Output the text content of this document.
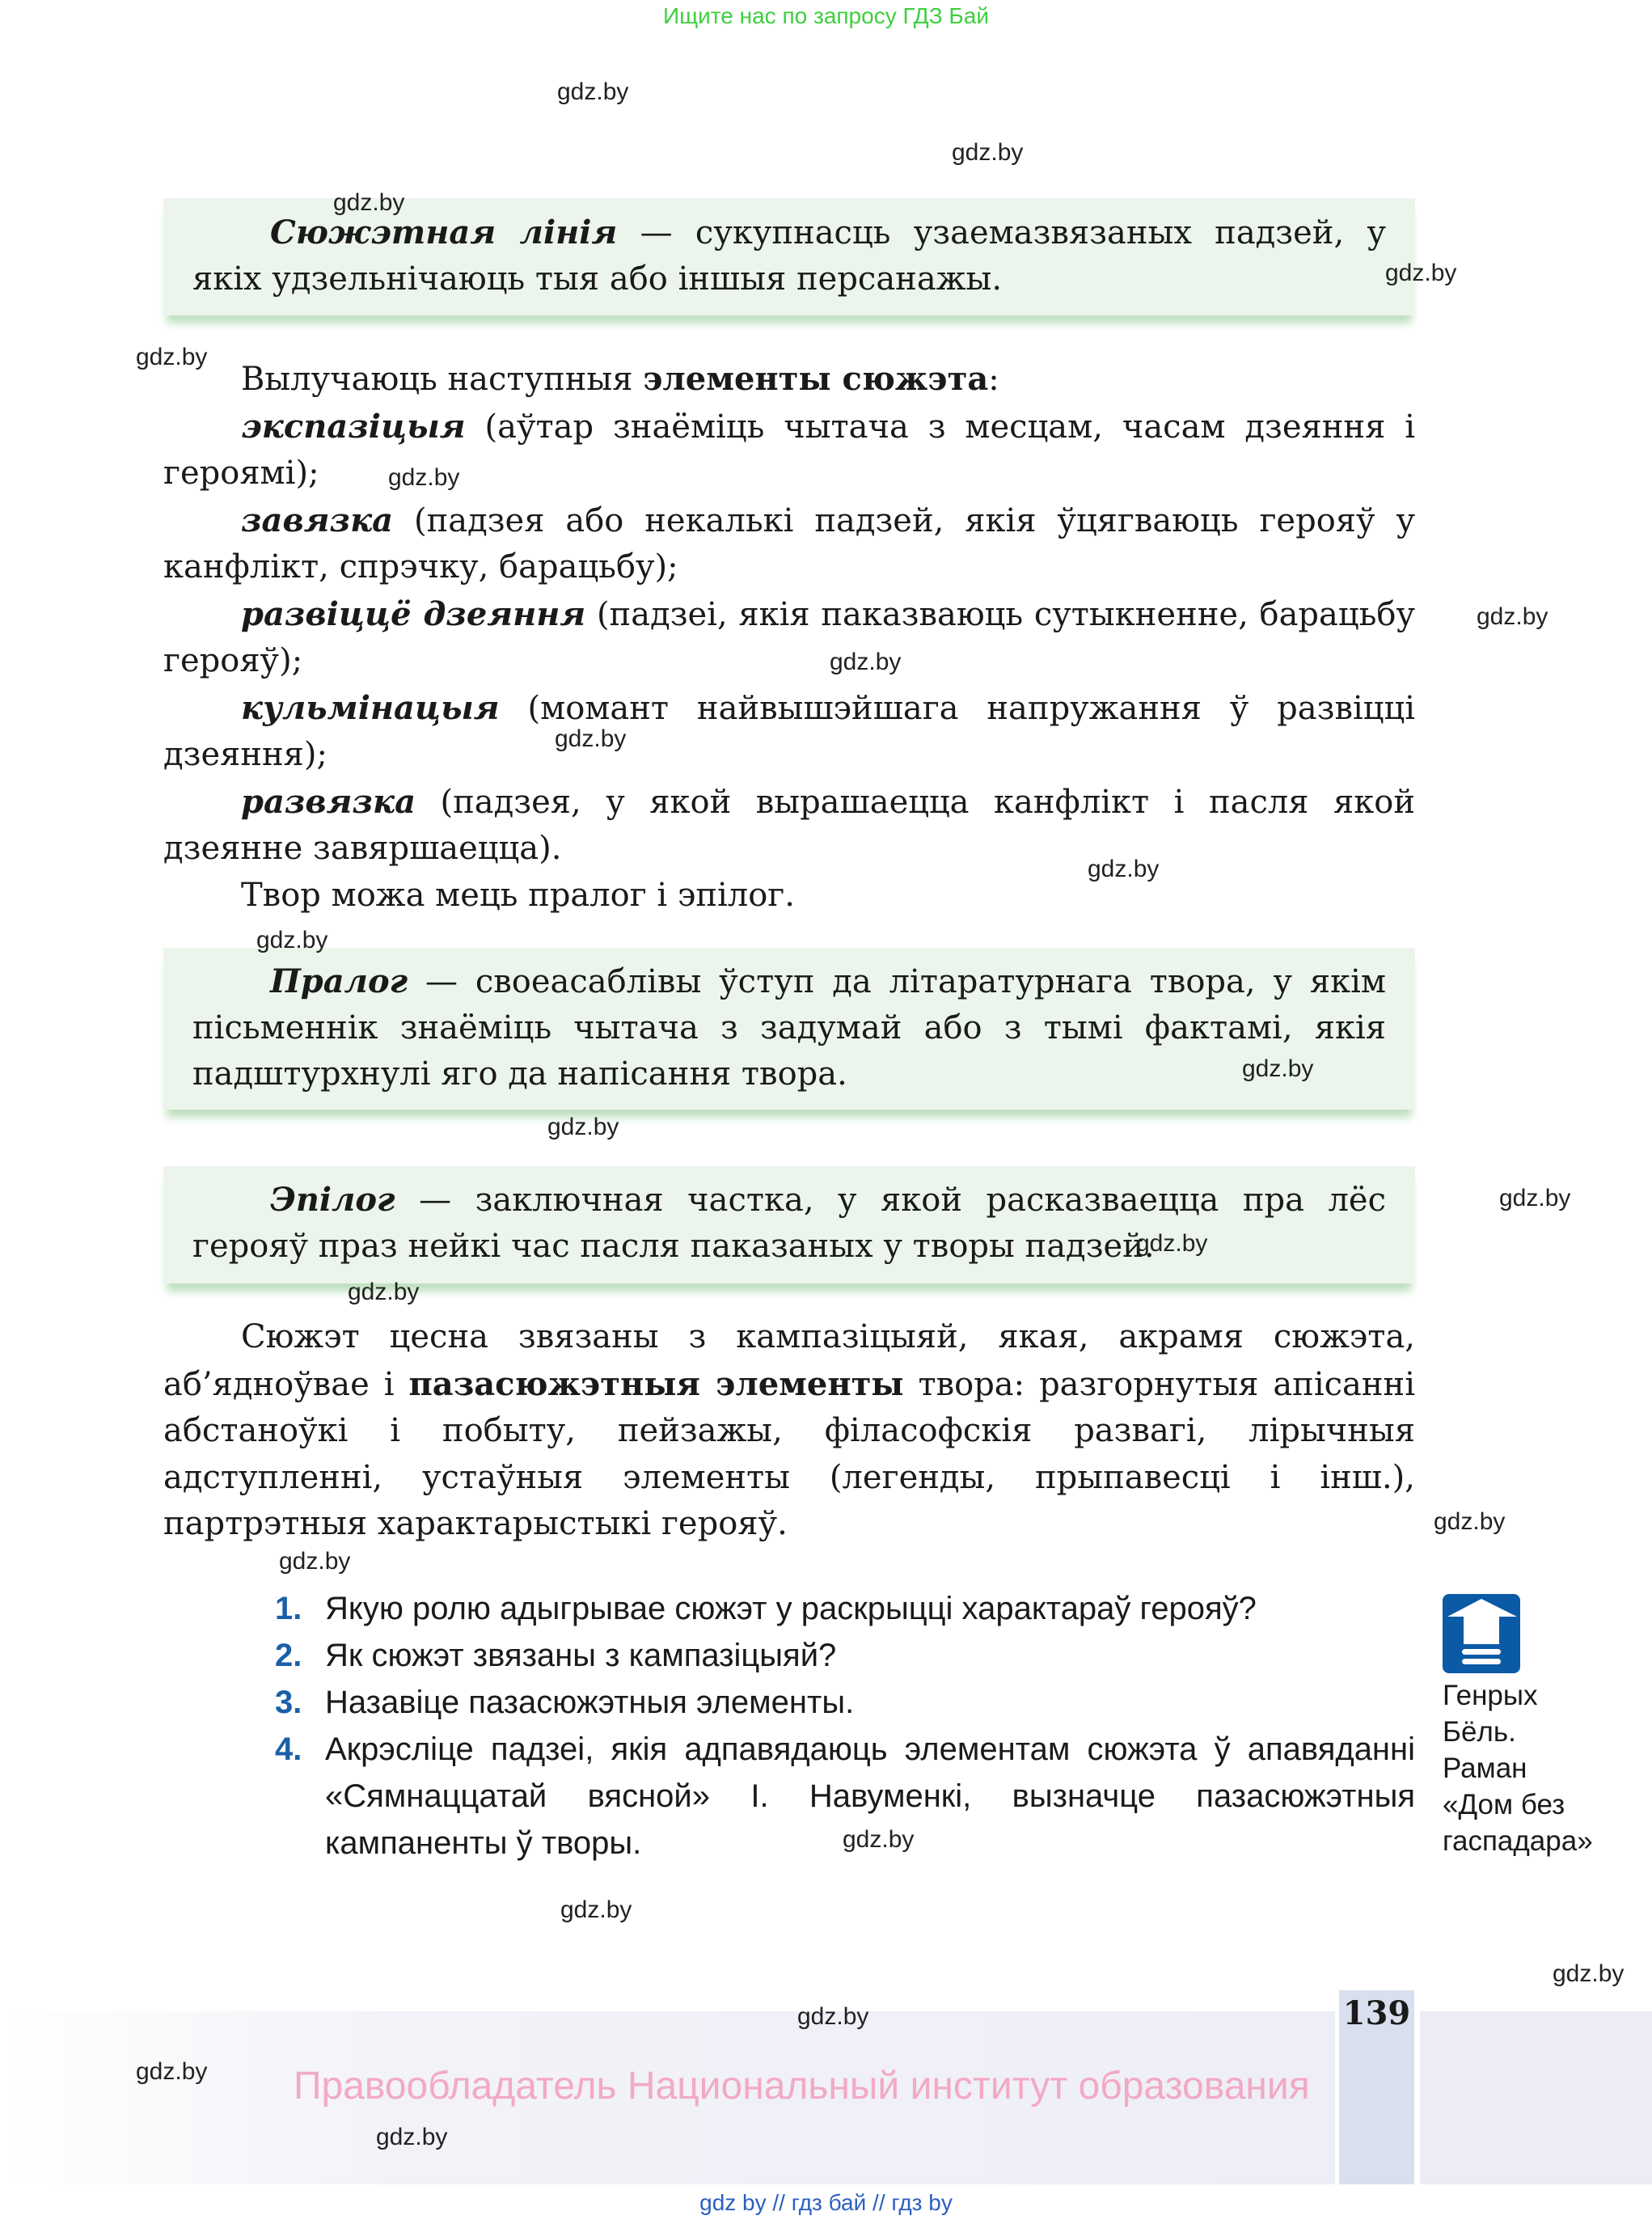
Ищите нас по запросу ГДЗ Бай

Сюжэтная лінія — сукупнасць узаемазвязаных падзей, у якіх удзельнічаюць тыя або іншыя персанажы.

Вылучаюць наступныя элементы сюжэта:

экспазіцыя (аўтар знаёміць чытача з месцам, часам дзеяння і героямі);

завязка (падзея або некалькі падзей, якія ўцягваюць герояў у канфлікт, спрэчку, барацьбу);

развіццё дзеяння (падзеі, якія паказваюць сутыкненне, барацьбу герояў);

кульмінацыя (момант найвышэйшага напружання ў развіцці дзеяння);

развязка (падзея, у якой вырашаецца канфлікт і пасля якой дзеянне завяршаецца).

Твор можа мець пралог і эпілог.

Пралог — своеасаблівы ўступ да літаратурнага твора, у якім пісьменнік знаёміць чытача з задумай або з тымі фактамі, якія падштурхнулі яго да напісання твора.

Эпілог — заключная частка, у якой расказваецца пра лёс герояў праз нейкі час пасля паказаных у творы падзей.

Сюжэт цесна звязаны з кампазіцыяй, якая, акрамя сюжэта, аб’ядноўвае і пазасюжэтныя элементы твора: разгорнутыя апісанні абстаноўкі і побыту, пейзажы, філасофскія развагі, лірычныя адступленні, устаўныя элементы (легенды, прыпавесці і інш.), партрэтныя характарыстыкі герояў.

1. Якую ролю адыгрывае сюжэт у раскрыцці характараў герояў?
2. Як сюжэт звязаны з кампазіцыяй?
3. Назавіце пазасюжэтныя элементы.
4. Акрэсліце падзеі, якія адпавядаюць элементам сюжэта ў апавяданні «Сямнаццатай вясной» І. Навуменкі, вызначце пазасюжэтныя кампаненты ў творы.
Генрых
Бёль.
Раман
«Дом без
гаспадара»
139
Правообладатель Национальный институт образования
gdz by // гдз бай // гдз by
gdz.by
gdz.by
gdz.by
gdz.by
gdz.by
gdz.by
gdz.by
gdz.by
gdz.by
gdz.by
gdz.by
gdz.by
gdz.by
gdz.by
gdz.by
gdz.by
gdz.by
gdz.by
gdz.by
gdz.by
gdz.by
gdz.by
gdz.by
gdz.by
